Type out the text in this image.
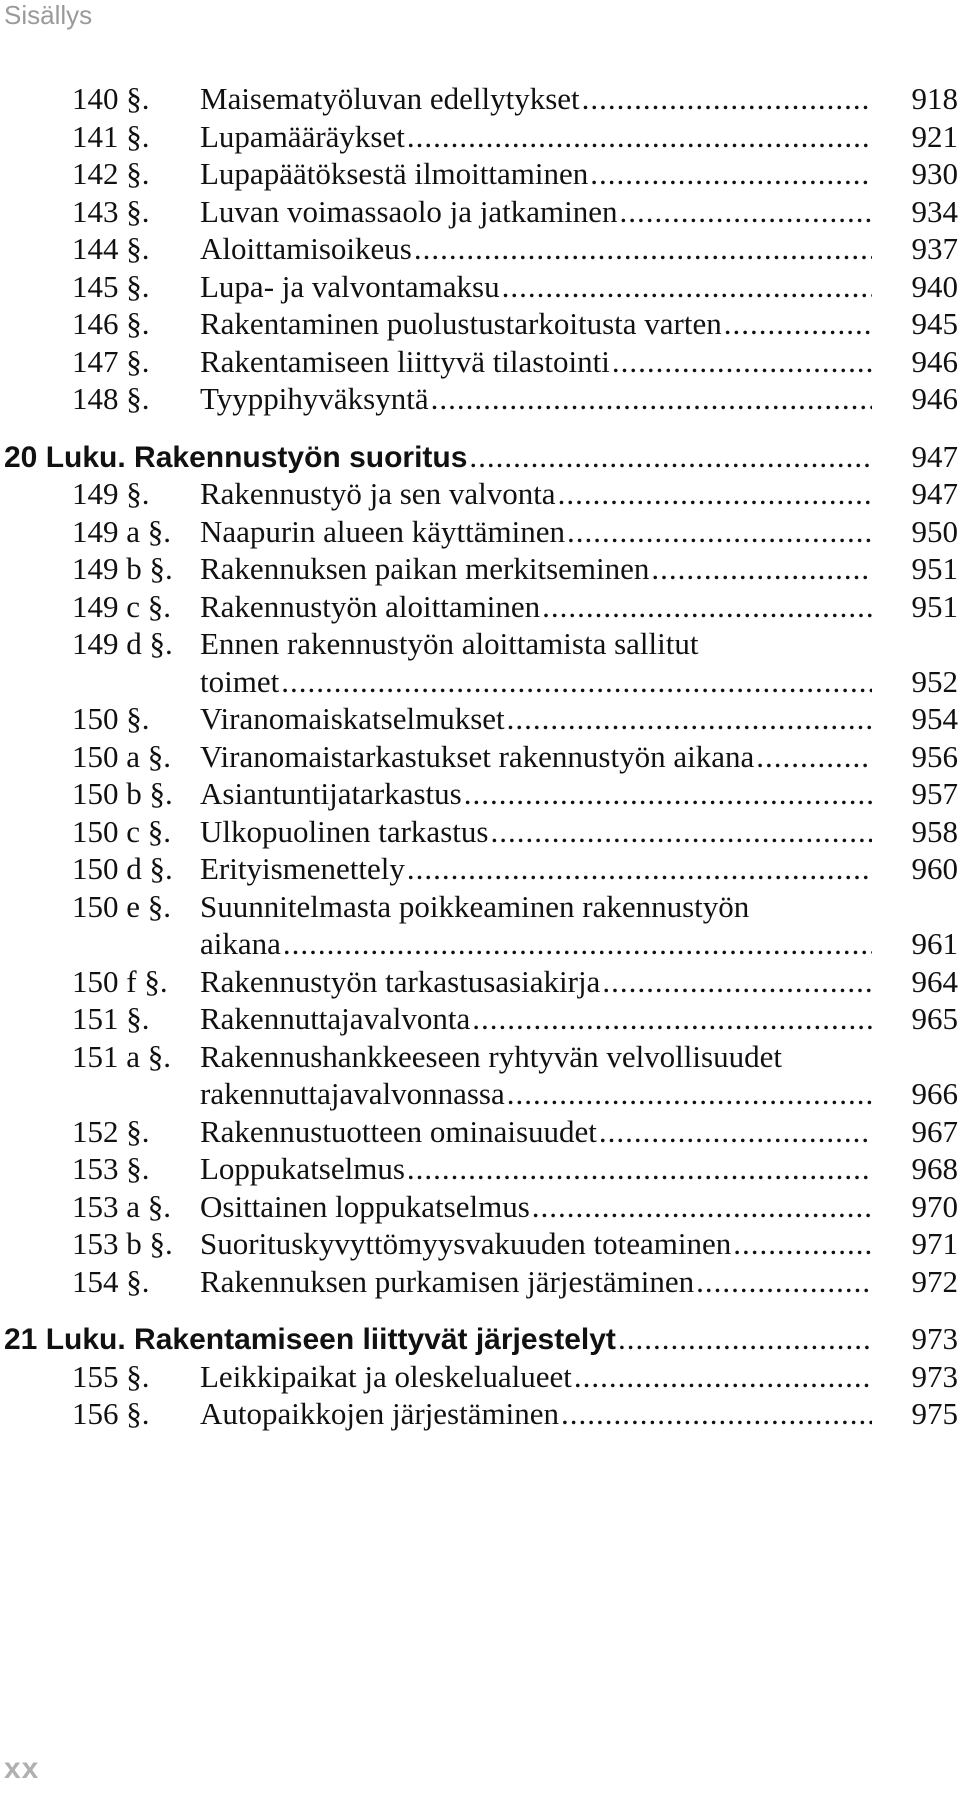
Sisällys
140 §. Maisematyöluvan edellytykset .....	918
141 §. Lupamääräykset .....	921
142 §. Lupapäätöksestä ilmoittaminen .....	930
143 §. Luvan voimassaolo ja jatkaminen .....	934
144 §. Aloittamisoikeus .....	937
145 §. Lupa- ja valvontamaksu .....	940
146 §. Rakentaminen puolustustarkoitusta varten .....	945
147 §. Rakentamiseen liittyvä tilastointi .....	946
148 §. Tyyppihyväksyntä .....	946
20 Luku. Rakennustyön suoritus .....	947
149 §. Rakennustyö ja sen valvonta .....	947
149 a §. Naapurin alueen käyttäminen .....	950
149 b §. Rakennuksen paikan merkitseminen .....	951
149 c §. Rakennustyön aloittaminen .....	951
149 d §. Ennen rakennustyön aloittamista sallitut
toimet .....	952
150 §. Viranomaiskatselmukset .....	954
150 a §. Viranomaistarkastukset rakennustyön aikana .....	956
150 b §. Asiantuntijatarkastus .....	957
150 c §. Ulkopuolinen tarkastus .....	958
150 d §. Erityismenettely .....	960
150 e §. Suunnitelmasta poikkeaminen rakennustyön
aikana .....	961
150 f §. Rakennustyön tarkastusasiakirja .....	964
151 §. Rakennuttajavalvonta .....	965
151 a §. Rakennushankkeeseen ryhtyvän velvollisuudet
rakennuttajavalvonnassa .....	966
152 §. Rakennustuotteen ominaisuudet .....	967
153 §. Loppukatselmus .....	968
153 a §. Osittainen loppukatselmus .....	970
153 b §. Suorituskyvyttömyysvakuuden toteaminen .....	971
154 §. Rakennuksen purkamisen järjestäminen .....	972
21 Luku. Rakentamiseen liittyvät järjestelyt .....	973
155 §. Leikkipaikat ja oleskelualueet .....	973
156 §. Autopaikkojen järjestäminen .....	975
xx
